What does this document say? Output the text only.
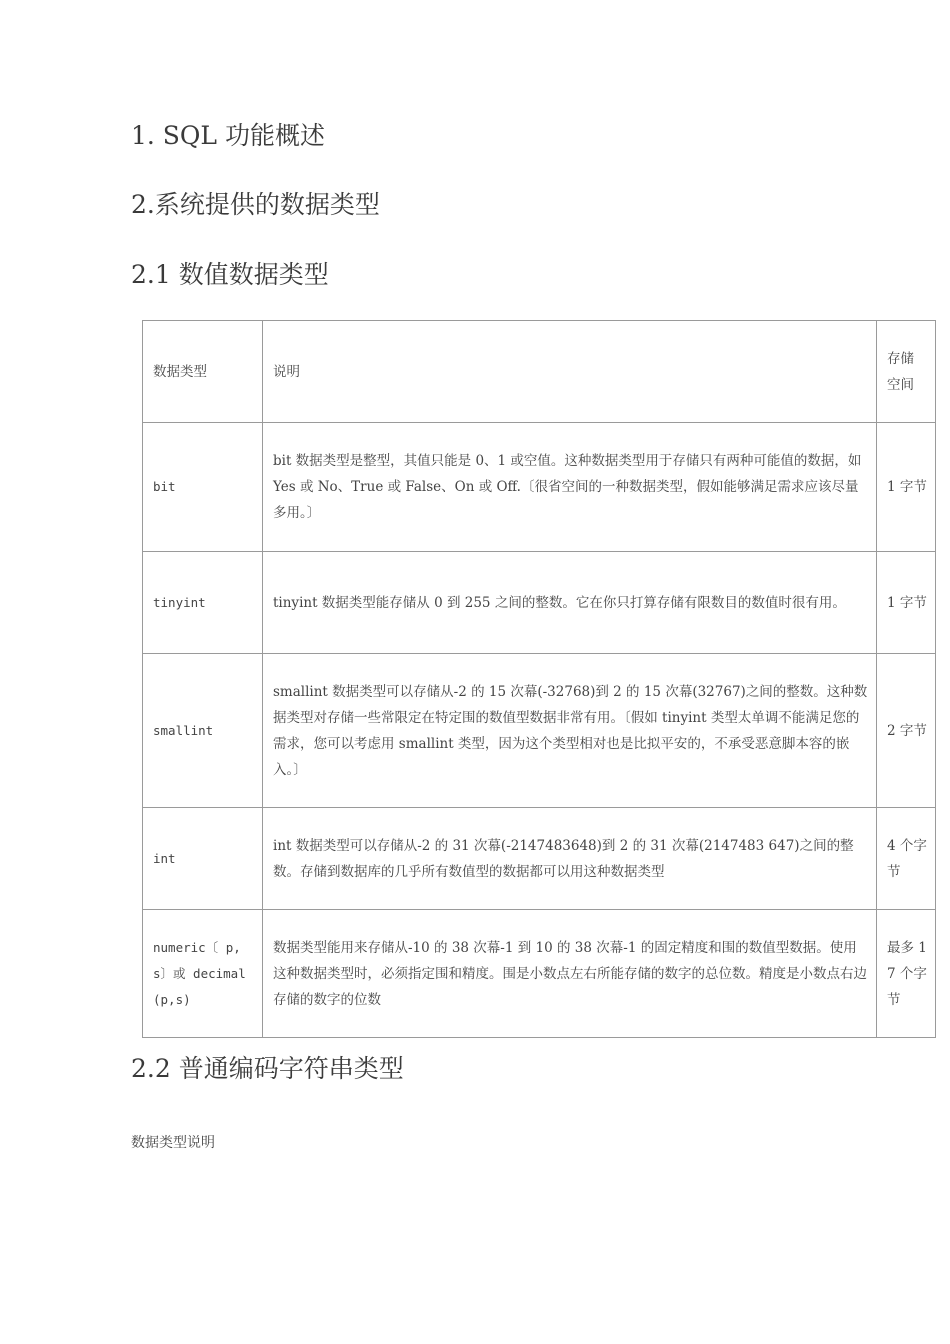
1. SQL 功能概述
2.系统提供的数据类型
2.1 数值数据类型
数据类型	说明	存储空间
bit	bit 数据类型是整型，其值只能是 0、1 或空值。这种数据类型用于存储只有两种可能值的数据，如 Yes 或 No、True 或 False、On 或 Off.〔很省空间的一种数据类型，假如能够满足需求应该尽量多用。〕	1 字节
tinyint	tinyint 数据类型能存储从 0 到 255 之间的整数。它在你只打算存储有限数目的数值时很有用。	1 字节
smallint	smallint 数据类型可以存储从-2 的 15 次幕(-32768)到 2 的 15 次幕(32767)之间的整数。这种数据类型对存储一些常限定在特定围的数值型数据非常有用。〔假如 tinyint 类型太单调不能满足您的需求，您可以考虑用 smallint 类型，因为这个类型相对也是比拟平安的，不承受恶意脚本容的嵌入。〕	2 字节
int	int 数据类型可以存储从-2 的 31 次幕(-2147483648)到 2 的 31 次幕(2147483 647)之间的整数。存储到数据库的几乎所有数值型的数据都可以用这种数据类型	4 个字节
numeric〔 p,s〕或 decimal(p,s)	数据类型能用来存储从-10 的 38 次幕-1 到 10 的 38 次幕-1 的固定精度和围的数值型数据。使用这种数据类型时，必须指定围和精度。围是小数点左右所能存储的数字的总位数。精度是小数点右边存储的数字的位数	最多 17 个字节
2.2 普通编码字符串类型
数据类型说明
